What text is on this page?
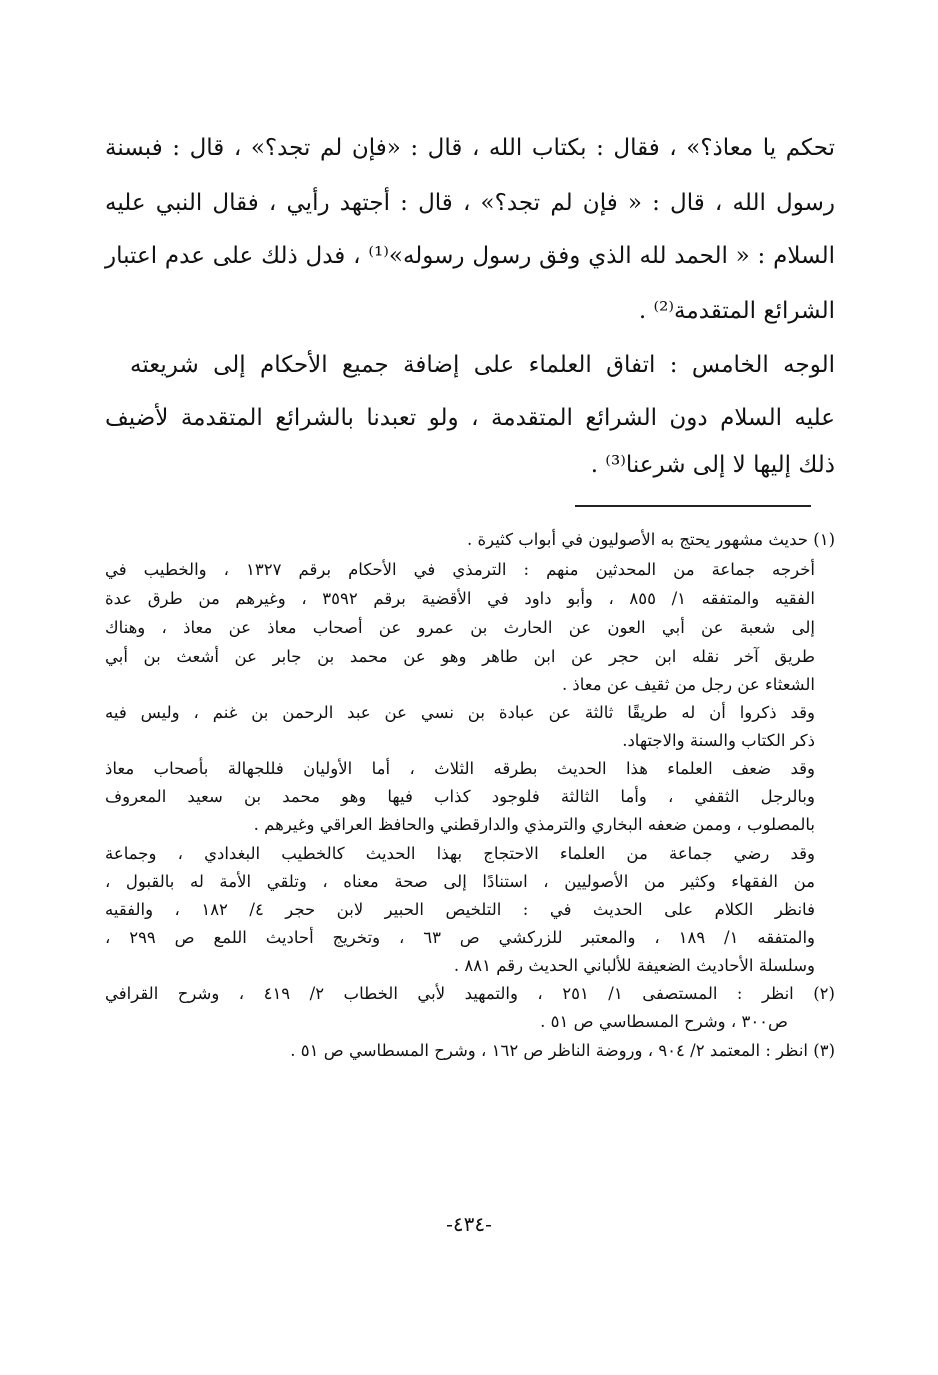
تحكم يا معاذ؟» ، فقال : بكتاب الله ، قال : «فإن لم تجد؟» ، قال : فبسنة
رسول الله ، قال : « فإن لم تجد؟» ، قال : أجتهد رأيي ، فقال النبي عليه
السلام : « الحمد لله الذي وفق رسول رسوله»⁽¹⁾ ، فدل ذلك على عدم اعتبار
الشرائع المتقدمة⁽²⁾ .
الوجه الخامس : اتفاق العلماء على إضافة جميع الأحكام إلى شريعته
عليه السلام دون الشرائع المتقدمة ، ولو تعبدنا بالشرائع المتقدمة لأضيف
ذلك إليها لا إلى شرعنا⁽³⁾ .
(١) حديث مشهور يحتج به الأصوليون في أبواب كثيرة .
أخرجه جماعة من المحدثين منهم : الترمذي في الأحكام برقم ١٣٢٧ ، والخطيب في
الفقيه والمتفقه ١/ ٨٥٥ ، وأبو داود في الأقضية برقم ٣٥٩٢ ، وغيرهم من طرق عدة
إلى شعبة عن أبي العون عن الحارث بن عمرو عن أصحاب معاذ عن معاذ ، وهناك
طريق آخر نقله ابن حجر عن ابن طاهر وهو عن محمد بن جابر عن أشعث بن أبي
الشعثاء عن رجل من ثقيف عن معاذ .
وقد ذكروا أن له طريقًا ثالثة عن عبادة بن نسي عن عبد الرحمن بن غنم ، وليس فيه
ذكر الكتاب والسنة والاجتهاد.
وقد ضعف العلماء هذا الحديث بطرقه الثلاث ، أما الأوليان فللجهالة بأصحاب معاذ
وبالرجل الثقفي ، وأما الثالثة فلوجود كذاب فيها وهو محمد بن سعيد المعروف
بالمصلوب ، وممن ضعفه البخاري والترمذي والدارقطني والحافظ العراقي وغيرهم .
وقد رضي جماعة من العلماء الاحتجاج بهذا الحديث كالخطيب البغدادي ، وجماعة
من الفقهاء وكثير من الأصوليين ، استنادًا إلى صحة معناه ، وتلقي الأمة له بالقبول ،
فانظر الكلام على الحديث في : التلخيص الحبير لابن حجر ٤/ ١٨٢ ، والفقيه
والمتفقه ١/ ١٨٩ ، والمعتبر للزركشي ص ٦٣ ، وتخريج أحاديث اللمع ص ٢٩٩ ،
وسلسلة الأحاديث الضعيفة للألباني الحديث رقم ٨٨١ .
(٢) انظر : المستصفى ١/ ٢٥١ ، والتمهيد لأبي الخطاب ٢/ ٤١٩ ، وشرح القرافي
ص٣٠٠ ، وشرح المسطاسي ص ٥١ .
(٣) انظر : المعتمد ٢/ ٩٠٤ ، وروضة الناظر ص ١٦٢ ، وشرح المسطاسي ص ٥١ .
-٤٣٤-
